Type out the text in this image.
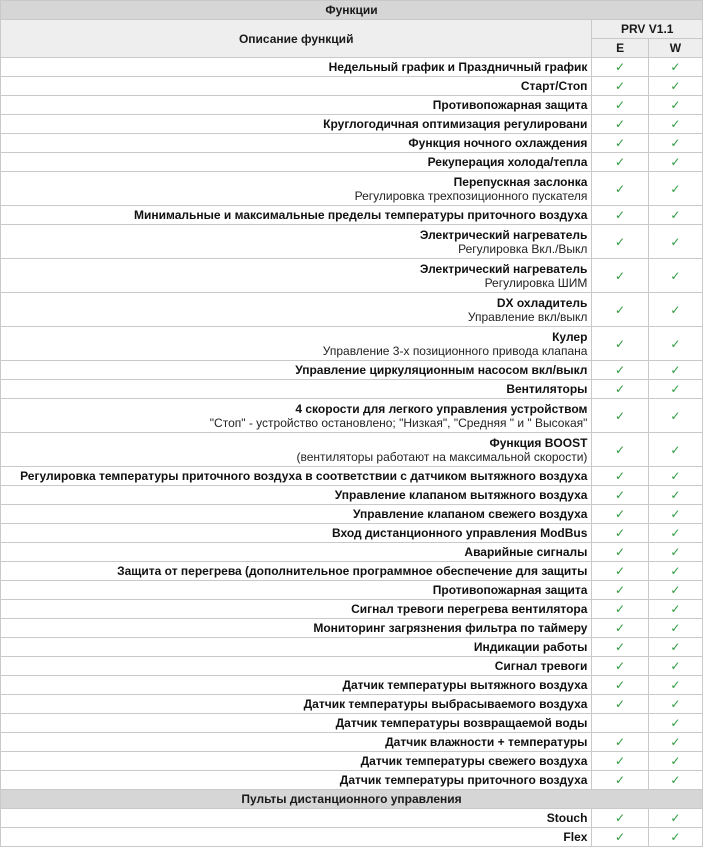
Функции		
Описание функций	PRV V1.1	
	E	W

Недельный график и Праздничный график	✓	✓

Старт/Стоп	✓	✓

Противопожарная защита	✓	✓

Круглогодичная оптимизация регулировани	✓	✓

Функция ночного охлаждения	✓	✓

Рекуперация холода/тепла	✓	✓

Перепускная заслонка
Регулировка трехпозиционного пускателя	✓	✓

Минимальные и максимальные пределы температуры приточного воздуха	✓	✓

Электрический нагреватель
Регулировка Вкл./Выкл	✓	✓

Электрический нагреватель
Регулировка ШИМ	✓	✓

DX охладитель
Управление вкл/выкл	✓	✓

Кулер
Управление 3-х позиционного привода клапана	✓	✓

Управление циркуляционным насосом вкл/выкл	✓	✓

Вентиляторы	✓	✓

4 скорости для легкого управления устройством
"Стоп" - устройство остановлено; "Низкая", "Средняя " и " Высокая"	✓	✓

Функция BOOST
(вентиляторы работают на максимальной скорости)	✓	✓

Регулировка температуры приточного воздуха в соответствии с датчиком вытяжного воздуха	✓	✓

Управление клапаном вытяжного воздуха	✓	✓

Управление клапаном свежего воздуха	✓	✓

Вход дистанционного управления ModBus	✓	✓

Аварийные сигналы	✓	✓

Защита от перегрева (дополнительное программное обеспечение для защиты	✓	✓

Противопожарная защита	✓	✓

Сигнал тревоги перегрева вентилятора	✓	✓

Мониторинг загрязнения фильтра по таймеру	✓	✓

Индикации работы	✓	✓

Сигнал тревоги	✓	✓

Датчик температуры вытяжного воздуха	✓	✓

Датчик температуры выбрасываемого воздуха	✓	✓

Датчик температуры возвращаемой воды		✓

Датчик влажности + температуры	✓	✓

Датчик температуры свежего воздуха	✓	✓

Датчик температуры приточного воздуха	✓	✓
Пульты дистанционного управления		

Stouch	✓	✓

Flex	✓	✓
